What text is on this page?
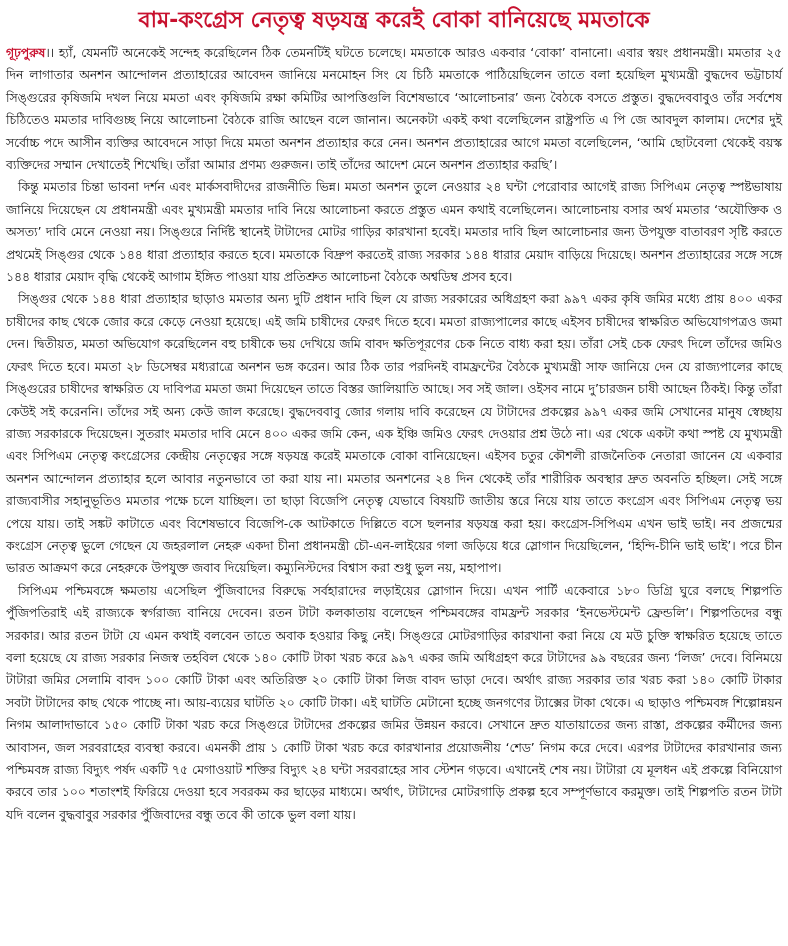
বাম-কংগ্রেস নেতৃত্ব ষড়যন্ত্র করেই বোকা বানিয়েছে মমতাকে

গূঢ়পুরুষ।। হ্যাঁ, যেমনটি অনেকেই সন্দেহ করেছিলেন ঠিক তেমনটিই ঘটতে চলেছে। মমতাকে আরও একবার ‘বোকা’ বানানো। এবার স্বয়ং প্রধানমন্ত্রী। মমতার ২৫ দিন লাগাতার অনশন আন্দোলন প্রত্যাহারের আবেদন জানিয়ে মনমোহন সিং যে চিঠি মমতাকে পাঠিয়েছিলেন তাতে বলা হয়েছিল মুখ্যমন্ত্রী বুদ্ধদেব ভট্টাচার্য সিঙ্গুরের কৃষিজমি দখল নিয়ে মমতা এবং কৃষিজমি রক্ষা কমিটির আপত্তিগুলি বিশেষভাবে ‘আলোচনার’ জন্য বৈঠকে বসতে প্রস্তুত। বুদ্ধদেববাবুও তাঁর সর্বশেষ চিঠিতেও মমতার দাবিগুচ্ছ নিয়ে আলোচনা বৈঠকে রাজি আছেন বলে জানান। অনেকটা একই কথা বলেছিলেন রাষ্ট্রপতি এ পি জে আবদুল কালাম। দেশের দুই সর্বোচ্চ পদে আসীন ব্যক্তির আবেদনে সাড়া দিয়ে মমতা অনশন প্রত্যাহার করে নেন। অনশন প্রত্যাহারের আগে মমতা বলেছিলেন, ‘আমি ছোটবেলা থেকেই বয়স্ক ব্যক্তিদের সম্মান দেখাতেই শিখেছি। তাঁরা আমার প্রণম্য গুরুজন। তাই তাঁদের আদেশ মেনে অনশন প্রত্যাহার করছি’।

কিন্তু মমতার চিন্তা ভাবনা দর্শন এবং মার্কসবাদীদের রাজনীতি ভিন্ন। মমতা অনশন তুলে নেওয়ার ২৪ ঘন্টা পেরোবার আগেই রাজ্য সিপিএম নেতৃত্ব স্পষ্টভাষায় জানিয়ে দিয়েছেন যে প্রধানমন্ত্রী এবং মুখ্যমন্ত্রী মমতার দাবি নিয়ে আলোচনা করতে প্রস্তুত এমন কথাই বলেছিলেন। আলোচনায় বসার অর্থ মমতার ‘অযৌক্তিক ও অসত্য’ দাবি মেনে নেওয়া নয়। সিঙ্গুরে নির্দিষ্ট স্থানেই টাটাদের মোটর গাড়ির কারখানা হবেই। মমতার দাবি ছিল আলোচনার জন্য উপযুক্ত বাতাবরণ সৃষ্টি করতে প্রথমেই সিঙ্গুর থেকে ১৪৪ ধারা প্রত্যাহার করতে হবে। মমতাকে বিদ্রুপ করতেই রাজ্য সরকার ১৪৪ ধারার মেয়াদ বাড়িয়ে দিয়েছে। অনশন প্রত্যাহারের সঙ্গে সঙ্গে ১৪৪ ধারার মেয়াদ বৃদ্ধি থেকেই আগাম ইঙ্গিত পাওয়া যায় প্রতিশ্রুত আলোচনা বৈঠকে অশ্বডিম্ব প্রসব হবে।

সিঙ্গুর থেকে ১৪৪ ধারা প্রত্যাহার ছাড়াও মমতার অন্য দুটি প্রধান দাবি ছিল যে রাজ্য সরকারের অধিগ্রহণ করা ৯৯৭ একর কৃষি জমির মধ্যে প্রায় ৪০০ একর চাষীদের কাছ থেকে জোর করে কেড়ে নেওয়া হয়েছে। এই জমি চাষীদের ফেরৎ দিতে হবে। মমতা রাজ্যপালের কাছে এইসব চাষীদের স্বাক্ষরিত অভিযোগপত্রও জমা দেন। দ্বিতীয়ত, মমতা অভিযোগ করেছিলেন বহু চাষীকে ভয় দেখিয়ে জমি বাবদ ক্ষতিপূরণের চেক নিতে বাধ্য করা হয়। তাঁরা সেই চেক ফেরৎ দিলে তাঁদের জমিও ফেরৎ দিতে হবে। মমতা ২৮ ডিসেম্বর মধ্যরাত্রে অনশন ভঙ্গ করেন। আর ঠিক তার পরদিনই বামফ্রন্টের বৈঠকে মুখ্যমন্ত্রী সাফ জানিয়ে দেন যে রাজ্যপালের কাছে সিঙ্গুরের চাষীদের স্বাক্ষরিত যে দাবিপত্র মমতা জমা দিয়েছেন তাতে বিস্তর জালিয়াতি আছে। সব সই জাল। ওইসব নামে দু’চারজন চাষী আছেন ঠিকই। কিন্তু তাঁরা কেউই সই করেননি। তাঁদের সই অন্য কেউ জাল করেছে। বুদ্ধদেববাবু জোর গলায় দাবি করেছেন যে টাটাদের প্রকল্পের ৯৯৭ একর জমি সেখানের মানুষ স্বেচ্ছায় রাজ্য সরকারকে দিয়েছেন। সুতরাং মমতার দাবি মেনে ৪০০ একর জমি কেন, এক ইঞ্চি জমিও ফেরৎ দেওয়ার প্রশ্ন উঠে না। এর থেকে একটা কথা স্পষ্ট যে মুখ্যমন্ত্রী এবং সিপিএম নেতৃত্ব কংগ্রেসের কেন্দ্রীয় নেতৃত্বের সঙ্গে ষড়যন্ত্র করেই মমতাকে বোকা বানিয়েছেন। এইসব চতুর কৌশলী রাজনৈতিক নেতারা জানেন যে একবার অনশন আন্দোলন প্রত্যাহার হলে আবার নতুনভাবে তা করা যায় না। মমতার অনশনের ২৪ দিন থেকেই তাঁর শারীরিক অবস্থার দ্রুত অবনতি হচ্ছিল। সেই সঙ্গে রাজ্যবাসীর সহানুভূতিও মমতার পক্ষে চলে যাচ্ছিল। তা ছাড়া বিজেপি নেতৃত্ব যেভাবে বিষয়টি জাতীয় স্তরে নিয়ে যায় তাতে কংগ্রেস এবং সিপিএম নেতৃত্ব ভয় পেয়ে যায়। তাই সঙ্কট কাটাতে এবং বিশেষভাবে বিজেপি-কে আটকাতে দিল্লিতে বসে ছলনার ষড়যন্ত্র করা হয়। কংগ্রেস-সিপিএম এখন ভাই ভাই। নব প্রজন্মের কংগ্রেস নেতৃত্ব ভুলে গেছেন যে জহরলাল নেহরু একদা চীনা প্রধানমন্ত্রী চৌ-এন-লাইয়ের গলা জড়িয়ে ধরে স্লোগান দিয়েছিলেন, ‘হিন্দি-চীনি ভাই ভাই’। পরে চীন ভারত আক্রমণ করে নেহরুকে উপযুক্ত জবাব দিয়েছিল। কম্যুনিস্টদের বিশ্বাস করা শুধু ভুল নয়, মহাপাপ।

সিপিএম পশ্চিমবঙ্গে ক্ষমতায় এসেছিল পুঁজিবাদের বিরুদ্ধে সর্বহারাদের লড়াইয়ের স্লোগান দিয়ে। এখন পার্টি একেবারে ১৮০ ডিগ্রি ঘুরে বলছে শিল্পপতি পুঁজিপতিরাই এই রাজ্যকে স্বর্গরাজ্য বানিয়ে দেবেন। রতন টাটা কলকাতায় বলেছেন পশ্চিমবঙ্গের বামফ্রন্ট সরকার ‘ইনভেস্টমেন্ট ফ্রেন্ডলি’। শিল্পপতিদের বন্ধু সরকার। আর রতন টাটা যে এমন কথাই বলবেন তাতে অবাক হওয়ার কিছু নেই। সিঙ্গুরে মোটরগাড়ির কারখানা করা নিয়ে যে মউ চুক্তি স্বাক্ষরিত হয়েছে তাতে বলা হয়েছে যে রাজ্য সরকার নিজস্ব তহবিল থেকে ১৪০ কোটি টাকা খরচ করে ৯৯৭ একর জমি অধিগ্রহণ করে টাটাদের ৯৯ বছরের জন্য ‘লিজ’ দেবে। বিনিময়ে টাটারা জমির সেলামি বাবদ ১০০ কোটি টাকা এবং অতিরিক্ত ২০ কোটি টাকা লিজ বাবদ ভাড়া দেবে। অর্থাৎ রাজ্য সরকার তার খরচ করা ১৪০ কোটি টাকার সবটা টাটাদের কাছ থেকে পাচ্ছে না। আয়-ব্যয়ের ঘাটতি ২০ কোটি টাকা। এই ঘাটতি মেটানো হচ্ছে জনগণের ট্যাক্সের টাকা থেকে। এ ছাড়াও পশ্চিমবঙ্গ শিল্পোন্নয়ন নিগম আলাদাভাবে ১৫০ কোটি টাকা খরচ করে সিঙ্গুরে টাটাদের প্রকল্পের জমির উন্নয়ন করবে। সেখানে দ্রুত যাতায়াতের জন্য রাস্তা, প্রকল্পের কর্মীদের জন্য আবাসন, জল সরবরাহের ব্যবস্থা করবে। এমনকী প্রায় ১ কোটি টাকা খরচ করে কারখানার প্রয়োজনীয় ‘শেড’ নিগম করে দেবে। এরপর টাটাদের কারখানার জন্য পশ্চিমবঙ্গ রাজ্য বিদ্যুৎ পর্ষদ একটি ৭৫ মেগাওয়াট শক্তির বিদ্যুৎ ২৪ ঘন্টা সরবরাহের সাব স্টেশন গড়বে। এখানেই শেষ নয়। টাটারা যে মূলধন এই প্রকল্পে বিনিয়োগ করবে তার ১০০ শতাংশই ফিরিয়ে দেওয়া হবে সবরকম কর ছাড়ের মাধ্যমে। অর্থাৎ, টাটাদের মোটরগাড়ি প্রকল্প হবে সম্পূর্ণভাবে করমুক্ত। তাই শিল্পপতি রতন টাটা যদি বলেন বুদ্ধবাবুর সরকার পুঁজিবাদের বন্ধু তবে কী তাকে ভুল বলা যায়।
